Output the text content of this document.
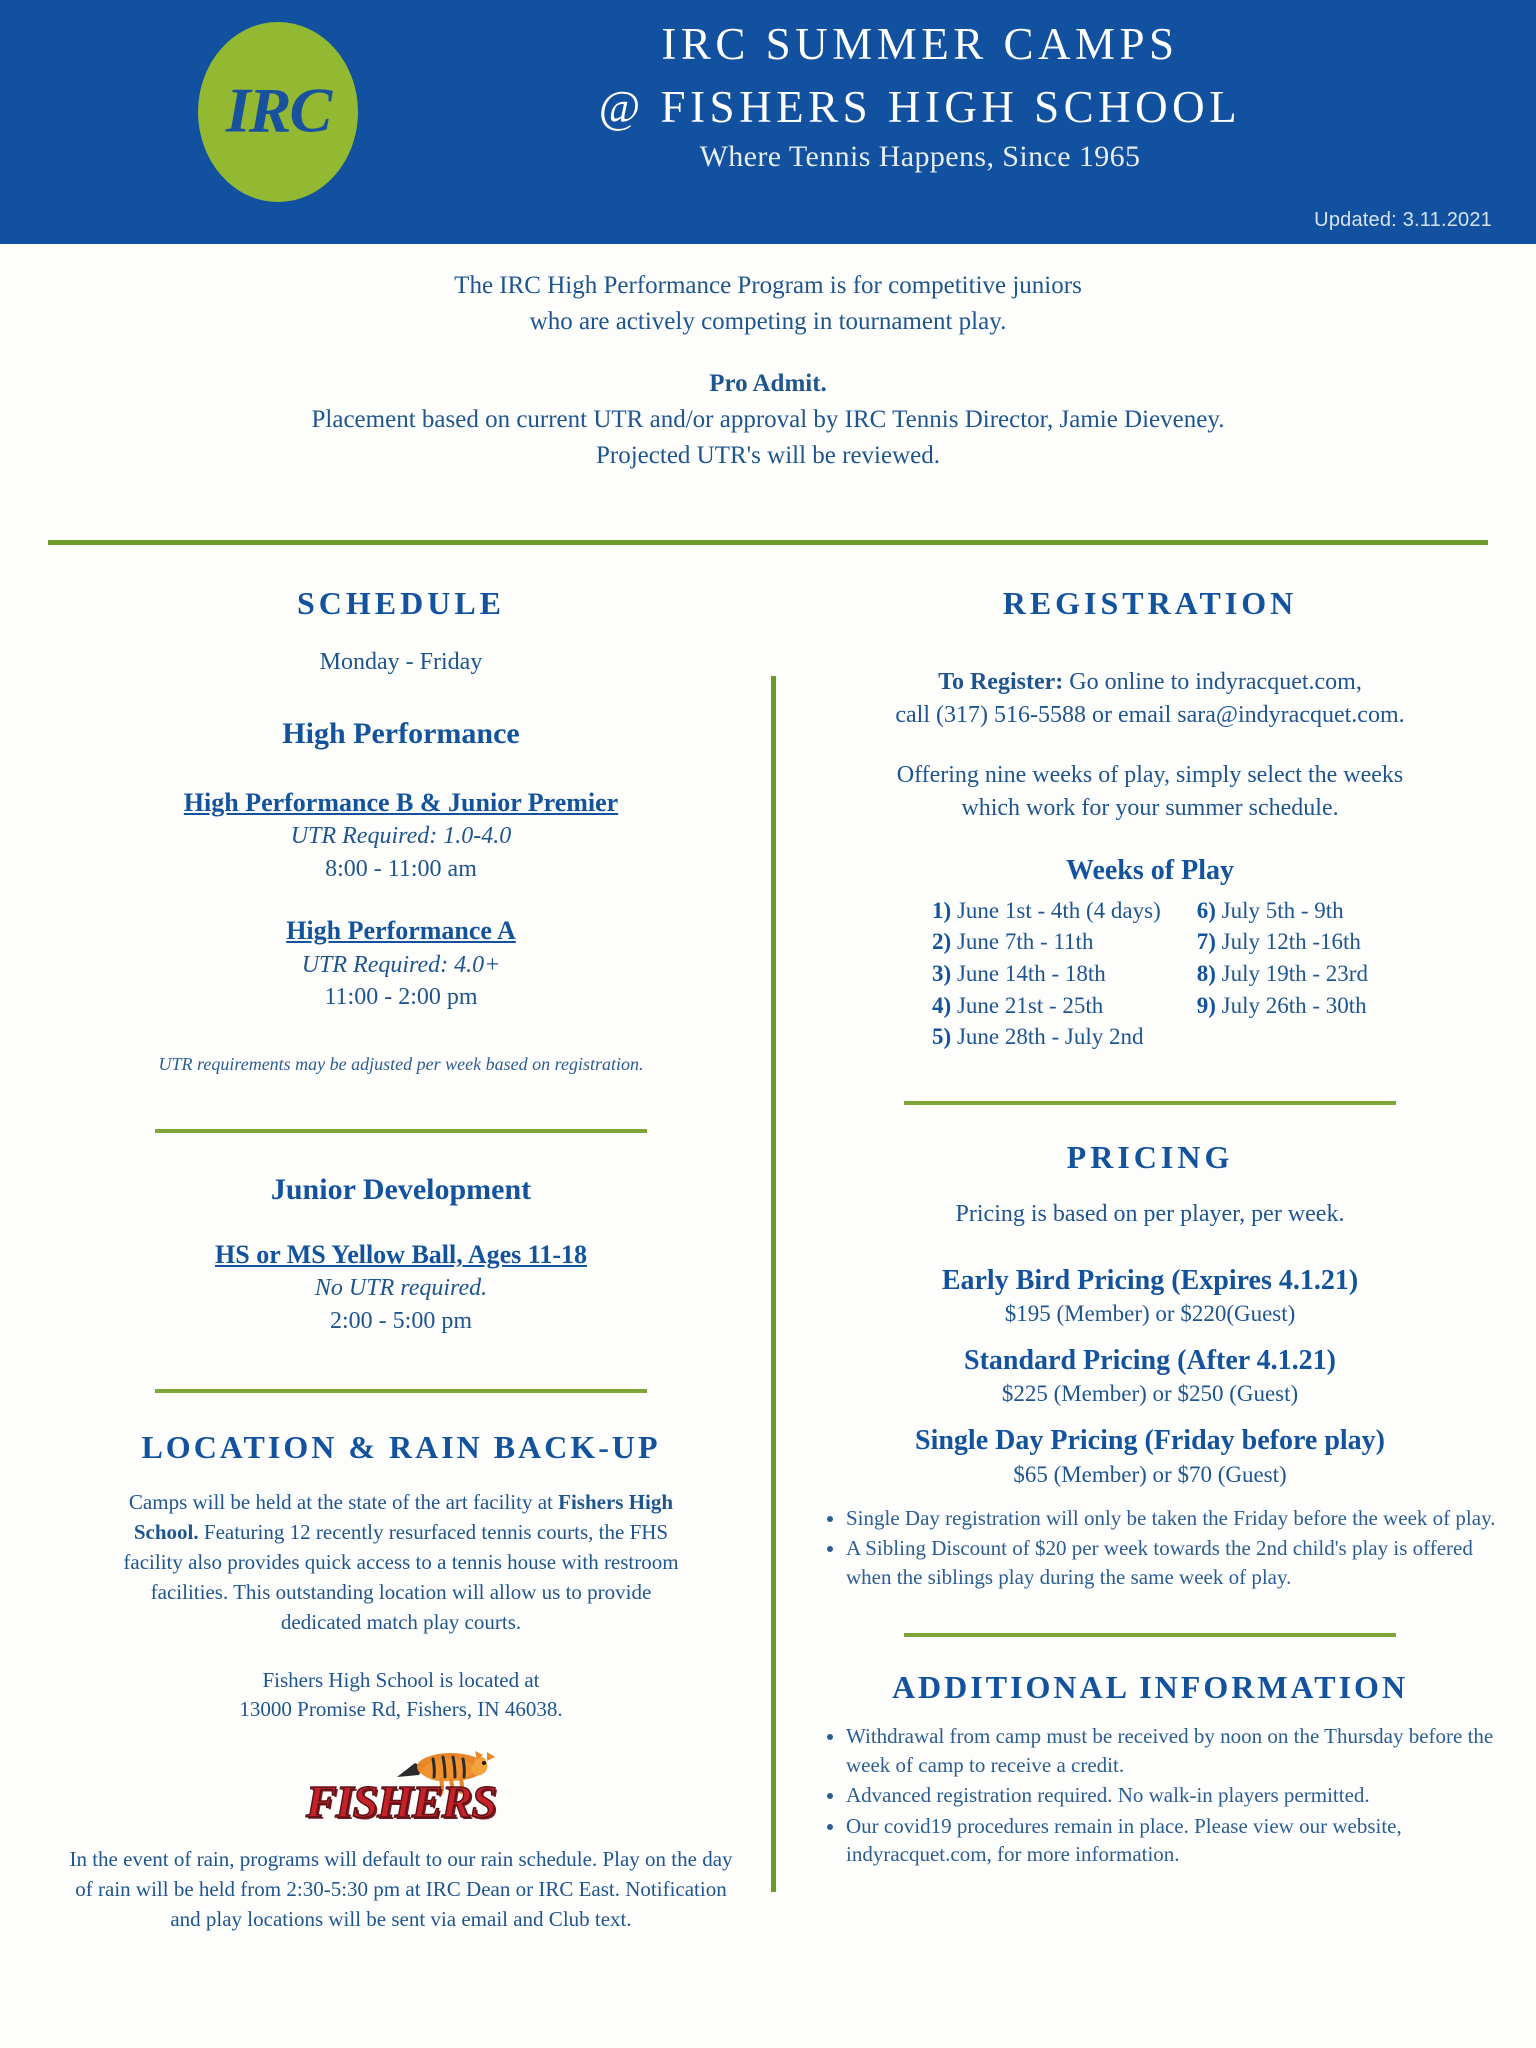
IRC
IRC SUMMER CAMPS
@ FISHERS HIGH SCHOOL
Where Tennis Happens, Since 1965
Updated: 3.11.2021
The IRC High Performance Program is for competitive juniors
who are actively competing in tournament play.
Pro Admit.
Placement based on current UTR and/or approval by IRC Tennis Director, Jamie Dieveney.
Projected UTR's will be reviewed.
SCHEDULE
Monday - Friday
High Performance
High Performance B & Junior Premier
UTR Required: 1.0-4.0
8:00 - 11:00 am
High Performance A
UTR Required: 4.0+
11:00 - 2:00 pm
UTR requirements may be adjusted per week based on registration.
Junior Development
HS or MS Yellow Ball, Ages 11-18
No UTR required.
2:00 - 5:00 pm
LOCATION & RAIN BACK-UP
Camps will be held at the state of the art facility at Fishers High School. Featuring 12 recently resurfaced tennis courts, the FHS facility also provides quick access to a tennis house with restroom facilities. This outstanding location will allow us to provide dedicated match play courts.
Fishers High School is located at
13000 Promise Rd, Fishers, IN 46038.
FISHERS
In the event of rain, programs will default to our rain schedule. Play on the day of rain will be held from 2:30-5:30 pm at IRC Dean or IRC East. Notification and play locations will be sent via email and Club text.
REGISTRATION
To Register: Go online to indyracquet.com,
call (317) 516-5588 or email sara@indyracquet.com.
Offering nine weeks of play, simply select the weeks
which work for your summer schedule.
Weeks of Play
1) June 1st - 4th (4 days)
2) June 7th - 11th
3) June 14th - 18th
4) June 21st - 25th
5) June 28th - July 2nd
6) July 5th - 9th
7) July 12th -16th
8) July 19th - 23rd
9) July 26th - 30th
PRICING
Pricing is based on per player, per week.
Early Bird Pricing (Expires 4.1.21)
$195 (Member) or $220(Guest)
Standard Pricing (After 4.1.21)
$225 (Member) or $250 (Guest)
Single Day Pricing (Friday before play)
$65 (Member) or $70 (Guest)
• Single Day registration will only be taken the Friday before the week of play.
• A Sibling Discount of $20 per week towards the 2nd child's play is offered when the siblings play during the same week of play.
ADDITIONAL INFORMATION
• Withdrawal from camp must be received by noon on the Thursday before the week of camp to receive a credit.
• Advanced registration required. No walk-in players permitted.
• Our covid19 procedures remain in place. Please view our website, indyracquet.com, for more information.
